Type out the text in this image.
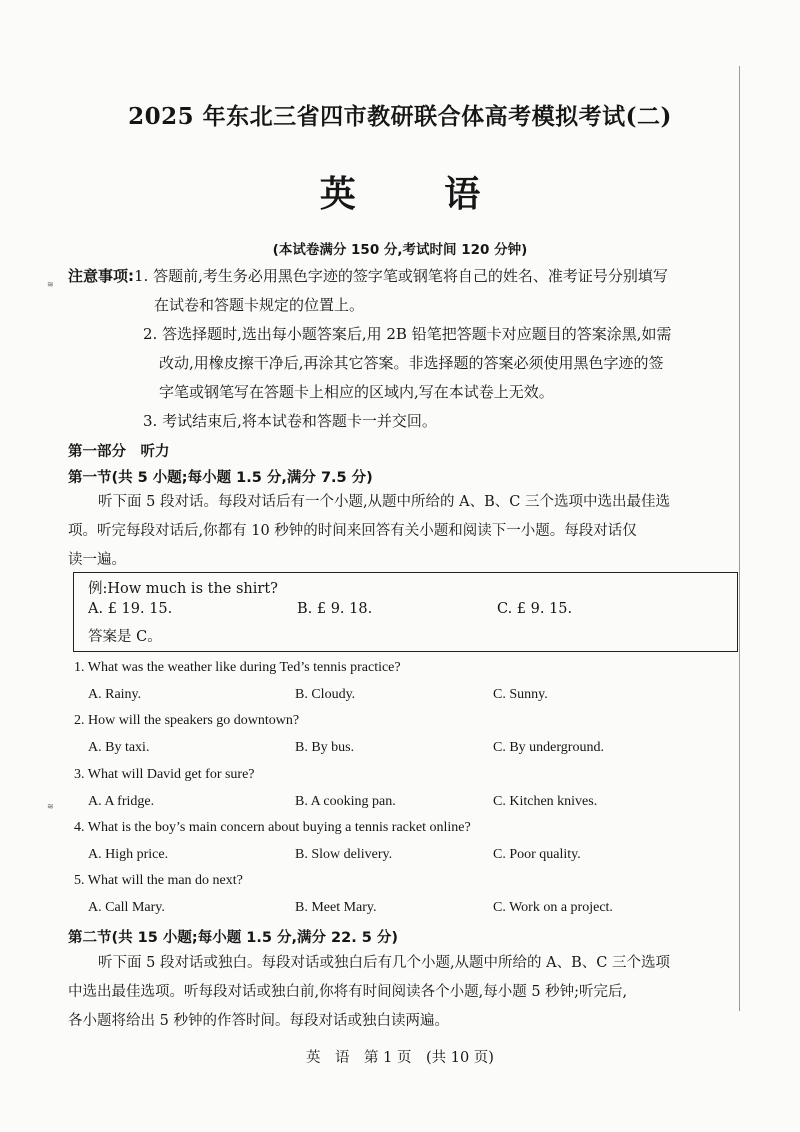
≋
≋
2025 年东北三省四市教研联合体高考模拟考试(二)
英 语
(本试卷满分 150 分,考试时间 120 分钟)
注意事项:1. 答题前,考生务必用黑色字迹的签字笔或钢笔将自己的姓名、准考证号分别填写
在试卷和答题卡规定的位置上。
2. 答选择题时,选出每小题答案后,用 2B 铅笔把答题卡对应题目的答案涂黑,如需
改动,用橡皮擦干净后,再涂其它答案。非选择题的答案必须使用黑色字迹的签
字笔或钢笔写在答题卡上相应的区域内,写在本试卷上无效。
3. 考试结束后,将本试卷和答题卡一并交回。
第一部分　听力
第一节(共 5 小题;每小题 1.5 分,满分 7.5 分)
听下面 5 段对话。每段对话后有一个小题,从题中所给的 A、B、C 三个选项中选出最佳选
项。听完每段对话后,你都有 10 秒钟的时间来回答有关小题和阅读下一小题。每段对话仅
读一遍。
例:How much is the shirt?
A. £ 19. 15.	B. £ 9. 18.	C. £ 9. 15.
答案是 C。
1. What was the weather like during Ted’s tennis practice?
A. Rainy.	B. Cloudy.	C. Sunny.
2. How will the speakers go downtown?
A. By taxi.	B. By bus.	C. By underground.
3. What will David get for sure?
A. A fridge.	B. A cooking pan.	C. Kitchen knives.
4. What is the boy’s main concern about buying a tennis racket online?
A. High price.	B. Slow delivery.	C. Poor quality.
5. What will the man do next?
A. Call Mary.	B. Meet Mary.	C. Work on a project.
第二节(共 15 小题;每小题 1.5 分,满分 22. 5 分)
听下面 5 段对话或独白。每段对话或独白后有几个小题,从题中所给的 A、B、C 三个选项
中选出最佳选项。听每段对话或独白前,你将有时间阅读各个小题,每小题 5 秒钟;听完后,
各小题将给出 5 秒钟的作答时间。每段对话或独白读两遍。
英　语　第 1 页　(共 10 页)
